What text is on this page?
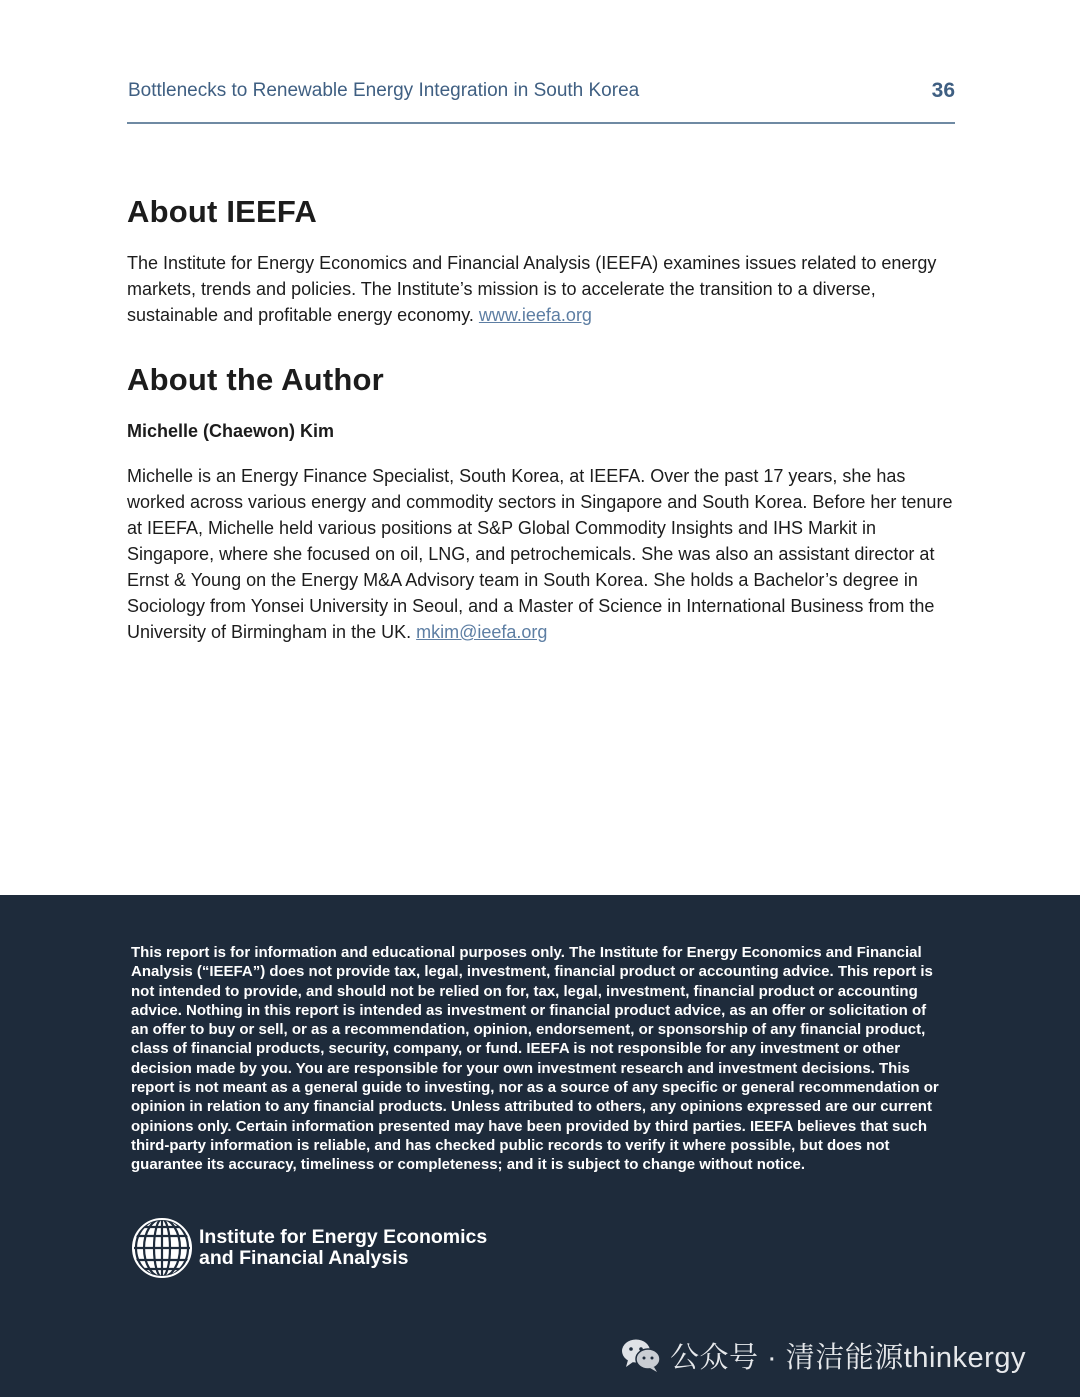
Bottlenecks to Renewable Energy Integration in South Korea	36
About IEEFA

The Institute for Energy Economics and Financial Analysis (IEEFA) examines issues related to energy markets, trends and policies. The Institute’s mission is to accelerate the transition to a diverse, sustainable and profitable energy economy. www.ieefa.org

About the Author
Michelle (Chaewon) Kim

Michelle is an Energy Finance Specialist, South Korea, at IEEFA. Over the past 17 years, she has worked across various energy and commodity sectors in Singapore and South Korea. Before her tenure at IEEFA, Michelle held various positions at S&P Global Commodity Insights and IHS Markit in Singapore, where she focused on oil, LNG, and petrochemicals. She was also an assistant director at Ernst & Young on the Energy M&A Advisory team in South Korea. She holds a Bachelor’s degree in Sociology from Yonsei University in Seoul, and a Master of Science in International Business from the University of Birmingham in the UK. mkim@ieefa.org

This report is for information and educational purposes only. The Institute for Energy Economics and Financial Analysis (“IEEFA”) does not provide tax, legal, investment, financial product or accounting advice. This report is not intended to provide, and should not be relied on for, tax, legal, investment, financial product or accounting advice. Nothing in this report is intended as investment or financial product advice, as an offer or solicitation of an offer to buy or sell, or as a recommendation, opinion, endorsement, or sponsorship of any financial product, class of financial products, security, company, or fund. IEEFA is not responsible for any investment or other decision made by you. You are responsible for your own investment research and investment decisions. This report is not meant as a general guide to investing, nor as a source of any specific or general recommendation or opinion in relation to any financial products. Unless attributed to others, any opinions expressed are our current opinions only. Certain information presented may have been provided by third parties. IEEFA believes that such third-party information is reliable, and has checked public records to verify it where possible, but does not guarantee its accuracy, timeliness or completeness; and it is subject to change without notice.

Institute for Energy Economics
and Financial Analysis
公众号 · 清洁能源thinkergy
